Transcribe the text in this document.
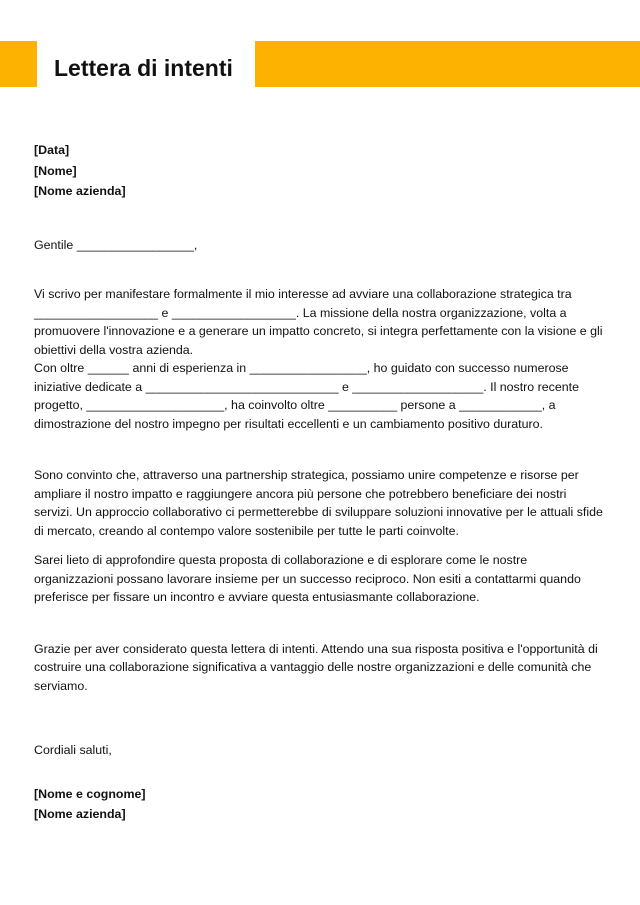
Lettera di intenti
[Data]
[Nome]
[Nome azienda]

Gentile _________________,

Vi scrivo per manifestare formalmente il mio interesse ad avviare una collaborazione strategica tra __________________ e __________________. La missione della nostra organizzazione, volta a promuovere l'innovazione e a generare un impatto concreto, si integra perfettamente con la visione e gli obiettivi della vostra azienda.

Con oltre ______ anni di esperienza in _________________, ho guidato con successo numerose iniziative dedicate a ____________________________ e ___________________. Il nostro recente progetto, ____________________, ha coinvolto oltre __________ persone a ____________, a dimostrazione del nostro impegno per risultati eccellenti e un cambiamento positivo duraturo.

Sono convinto che, attraverso una partnership strategica, possiamo unire competenze e risorse per ampliare il nostro impatto e raggiungere ancora più persone che potrebbero beneficiare dei nostri servizi. Un approccio collaborativo ci permetterebbe di sviluppare soluzioni innovative per le attuali sfide di mercato, creando al contempo valore sostenibile per tutte le parti coinvolte.

Sarei lieto di approfondire questa proposta di collaborazione e di esplorare come le nostre organizzazioni possano lavorare insieme per un successo reciproco. Non esiti a contattarmi quando preferisce per fissare un incontro e avviare questa entusiasmante collaborazione.

Grazie per aver considerato questa lettera di intenti. Attendo una sua risposta positiva e l'opportunità di costruire una collaborazione significativa a vantaggio delle nostre organizzazioni e delle comunità che serviamo.

Cordiali saluti,

[Nome e cognome]
[Nome azienda]
